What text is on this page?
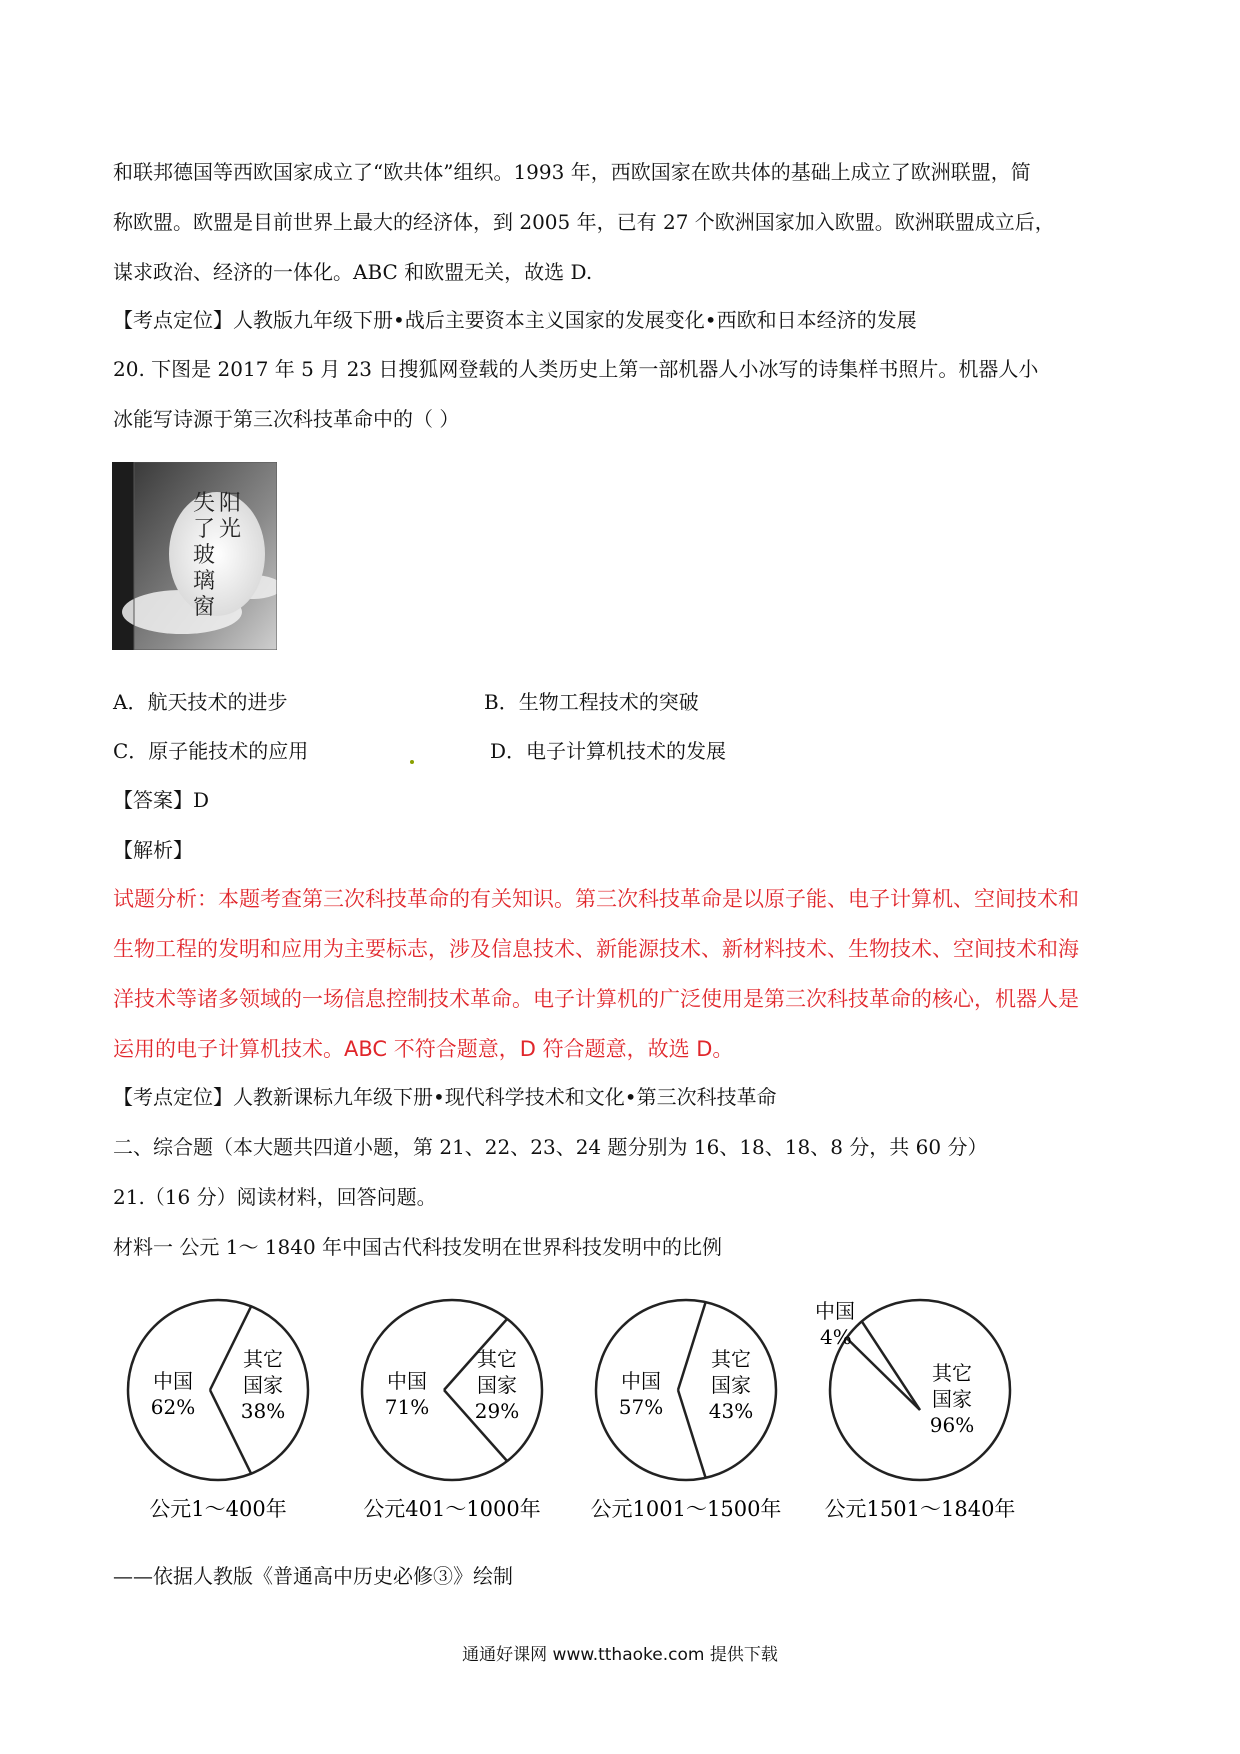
和联邦德国等西欧国家成立了“欧共体”组织。1993 年，西欧国家在欧共体的基础上成立了欧洲联盟，简
称欧盟。欧盟是目前世界上最大的经济体，到 2005 年，已有 27 个欧洲国家加入欧盟。欧洲联盟成立后，
谋求政治、经济的一体化。ABC 和欧盟无关，故选 D.
【考点定位】人教版九年级下册•战后主要资本主义国家的发展变化•西欧和日本经济的发展
20. 下图是 2017 年 5 月 23 日搜狐网登载的人类历史上第一部机器人小冰写的诗集样书照片。机器人小
冰能写诗源于第三次科技革命中的（ ）
阳
光
失
了
玻
璃
窗
A．航天技术的进步	B．生物工程技术的突破
C．原子能技术的应用	D．电子计算机技术的发展
【答案】D
【解析】
试题分析：本题考查第三次科技革命的有关知识。第三次科技革命是以原子能、电子计算机、空间技术和
生物工程的发明和应用为主要标志，涉及信息技术、新能源技术、新材料技术、生物技术、空间技术和海
洋技术等诸多领域的一场信息控制技术革命。电子计算机的广泛使用是第三次科技革命的核心，机器人是
运用的电子计算机技术。ABC 不符合题意，D 符合题意，故选 D。
【考点定位】人教新课标九年级下册•现代科学技术和文化•第三次科技革命
二、综合题（本大题共四道小题，第 21、22、23、24 题分别为 16、18、18、8 分，共 60 分）
21.（16 分）阅读材料，回答问题。
材料一 公元 1～ 1840 年中国古代科技发明在世界科技发明中的比例
中国
62%
其它
国家
38%
公元1～400年
中国
71%
其它
国家
29%
公元401～1000年
中国
57%
其它
国家
43%
公元1001～1500年
中国
4%
其它
国家
96%
公元1501～1840年
——依据人教版《普通高中历史必修③》绘制
通通好课网 www.tthaoke.com 提供下载
